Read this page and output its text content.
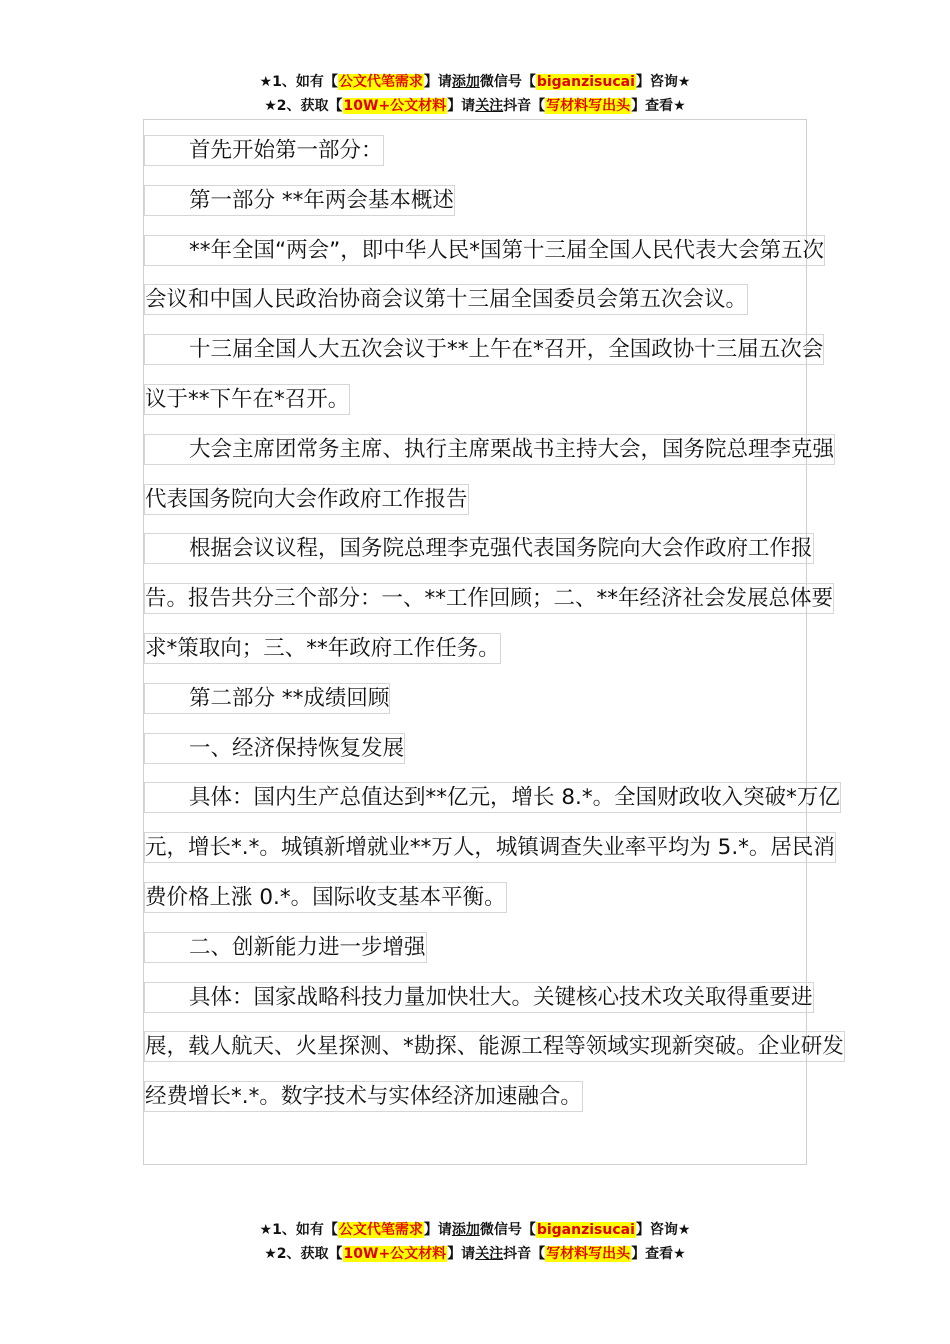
★1、如有【公文代笔需求】请添加微信号【biganzisucai】咨询★
★2、获取【10W+公文材料】请关注抖音【写材料写出头】查看★
首先开始第一部分：
第一部分 **年两会基本概述
**年全国“两会”，即中华人民*国第十三届全国人民代表大会第五次会议和中国人民政治协商会议第十三届全国委员会第五次会议。
十三届全国人大五次会议于**上午在*召开，全国政协十三届五次会议于**下午在*召开。
大会主席团常务主席、执行主席栗战书主持大会，国务院总理李克强代表国务院向大会作政府工作报告
根据会议议程，国务院总理李克强代表国务院向大会作政府工作报告。报告共分三个部分：一、**工作回顾；二、**年经济社会发展总体要求*策取向；三、**年政府工作任务。
第二部分 **成绩回顾
一、经济保持恢复发展
具体：国内生产总值达到**亿元，增长 8.*。全国财政收入突破*万亿元，增长*.*。城镇新增就业**万人，城镇调查失业率平均为 5.*。居民消费价格上涨 0.*。国际收支基本平衡。
二、创新能力进一步增强
具体：国家战略科技力量加快壮大。关键核心技术攻关取得重要进展，载人航天、火星探测、*勘探、能源工程等领域实现新突破。企业研发经费增长*.*。数字技术与实体经济加速融合。
★1、如有【公文代笔需求】请添加微信号【biganzisucai】咨询★
★2、获取【10W+公文材料】请关注抖音【写材料写出头】查看★
